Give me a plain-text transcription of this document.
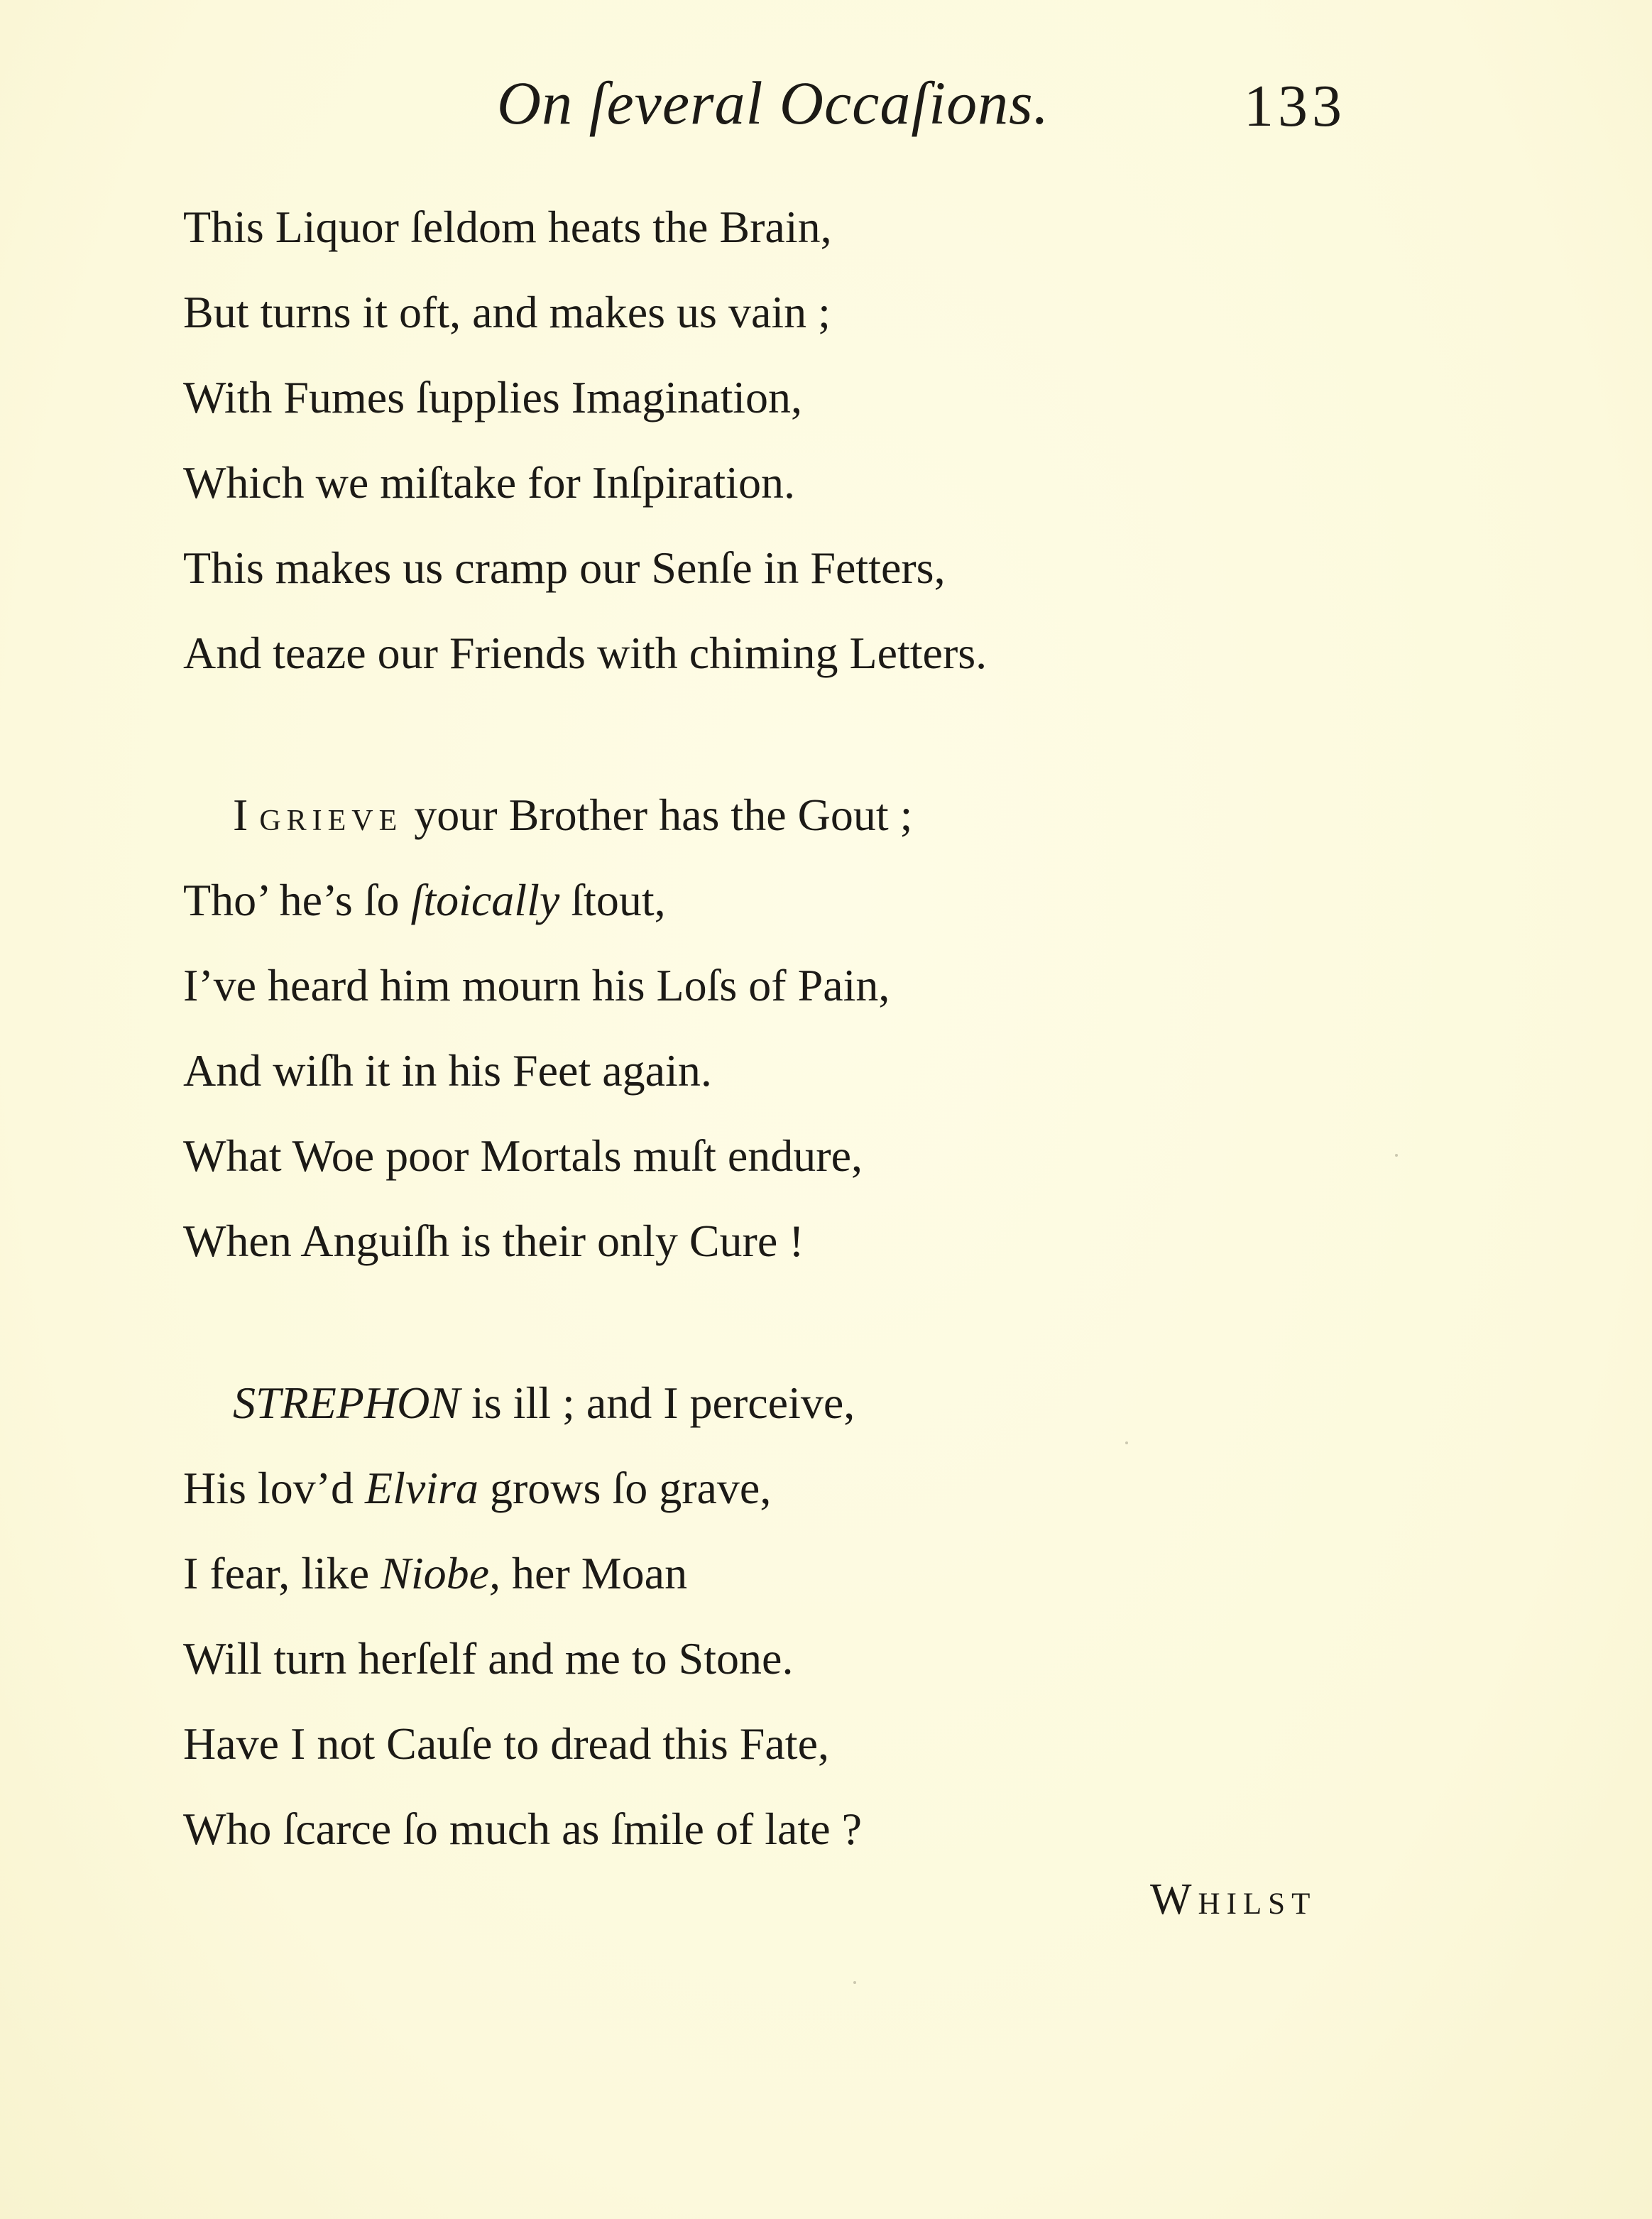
On ſeveral Occaſions.	133
This Liquor ſeldom heats the Brain,
But turns it oft, and makes us vain ;
With Fumes ſupplies Imagination,
Which we miſtake for Inſpiration.
This makes us cramp our Senſe in Fetters,
And teaze our Friends with chiming Letters.
I grieve your Brother has the Gout ;
Tho’ he’s ſo ſtoically ſtout,
I’ve heard him mourn his Loſs of Pain,
And wiſh it in his Feet again.
What Woe poor Mortals muſt endure,
When Anguiſh is their only Cure !
STREPHON is ill ; and I perceive,
His lov’d Elvira grows ſo grave,
I fear, like Niobe, her Moan
Will turn herſelf and me to Stone.
Have I not Cauſe to dread this Fate,
Who ſcarce ſo much as ſmile of late ?
Whilst
